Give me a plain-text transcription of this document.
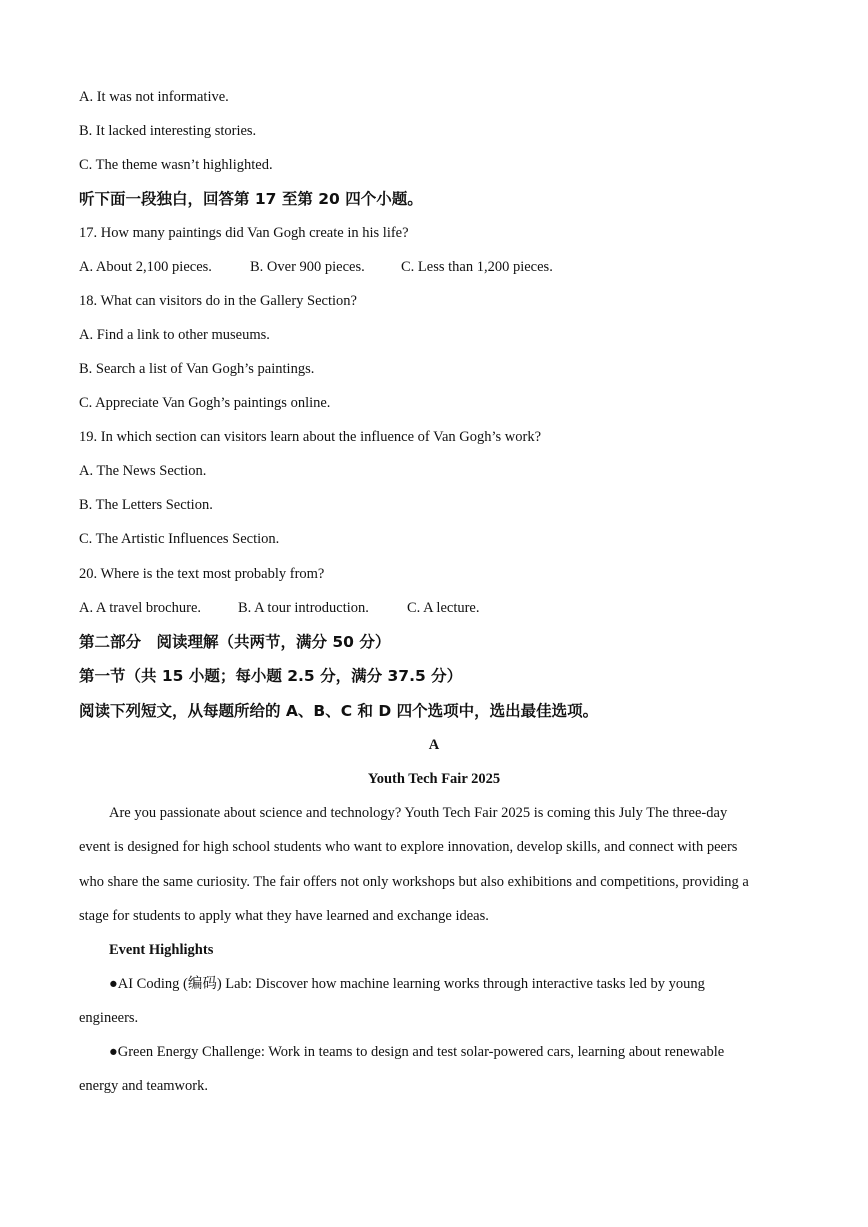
A. It was not informative.
B. It lacked interesting stories.
C. The theme wasn’t highlighted.
听下面一段独白，回答第 17 至第 20 四个小题。
17. How many paintings did Van Gogh create in his life?
A. About 2,100 pieces.	B. Over 900 pieces. C. Less than 1,200 pieces.
18. What can visitors do in the Gallery Section?
A. Find a link to other museums.
B. Search a list of Van Gogh’s paintings.
C. Appreciate Van Gogh’s paintings online.
19. In which section can visitors learn about the influence of Van Gogh’s work?
A. The News Section.
B. The Letters Section.
C. The Artistic Influences Section.
20. Where is the text most probably from?
A. A travel brochure.	B. A tour introduction.	C. A lecture.
第二部分　阅读理解（共两节，满分 50 分）
第一节（共 15 小题；每小题 2.5 分，满分 37.5 分）
阅读下列短文，从每题所给的 A、B、C 和 D 四个选项中，选出最佳选项。
A
Youth Tech Fair 2025
Are you passionate about science and technology? Youth Tech Fair 2025 is coming this July The three-day
event is designed for high school students who want to explore innovation, develop skills, and connect with peers
who share the same curiosity. The fair offers not only workshops but also exhibitions and competitions, providing a
stage for students to apply what they have learned and exchange ideas.
Event Highlights
●AI Coding (编码) Lab: Discover how machine learning works through interactive tasks led by young
engineers.
●Green Energy Challenge: Work in teams to design and test solar-powered cars, learning about renewable
energy and teamwork.
